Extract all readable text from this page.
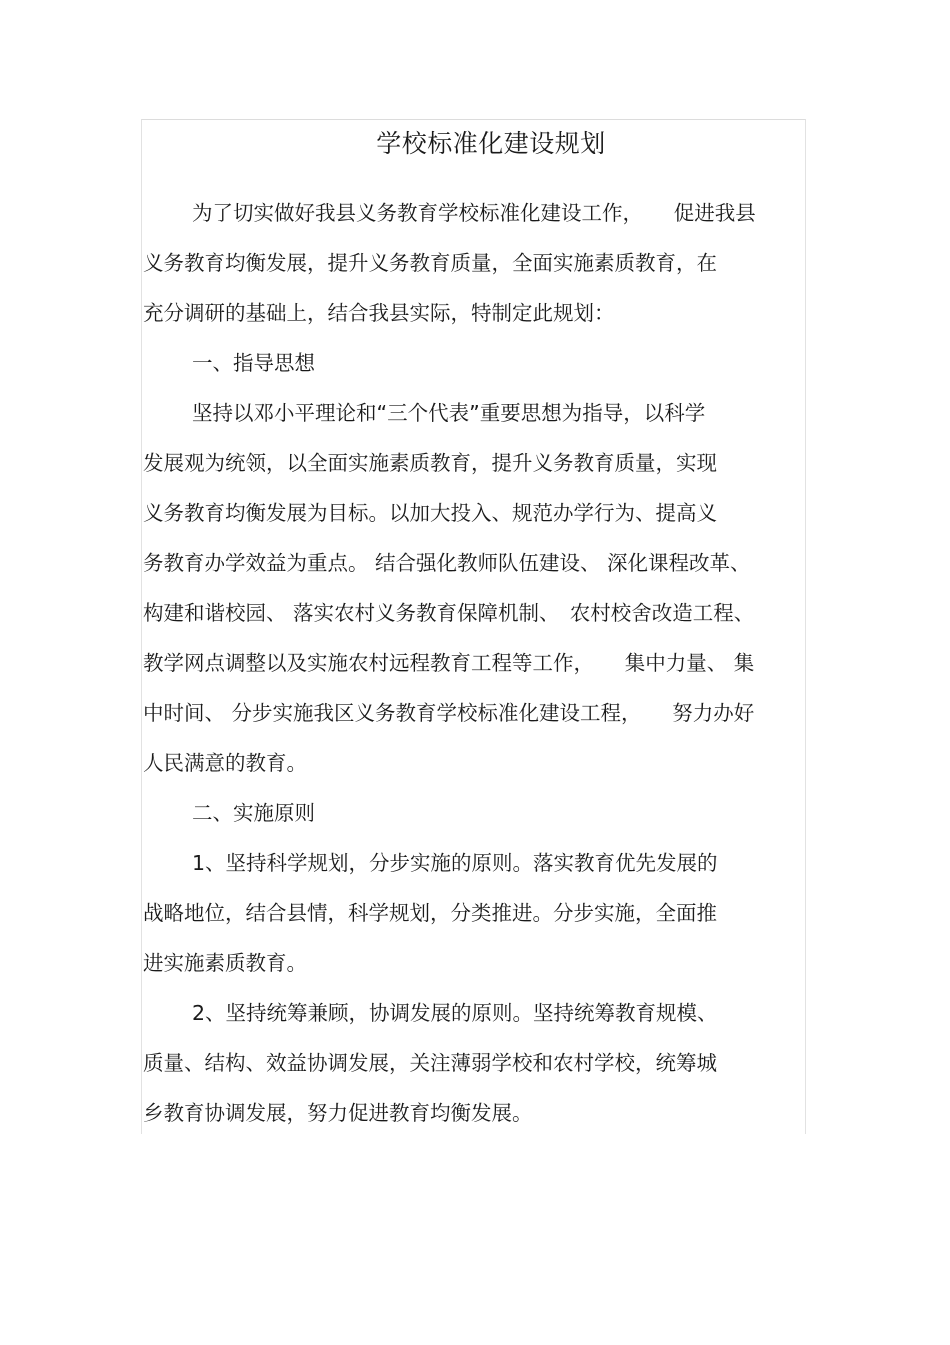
学校标准化建设规划
为了切实做好我县义务教育学校标准化建设工作，　　促进我县
义务教育均衡发展，提升义务教育质量，全面实施素质教育，在
充分调研的基础上，结合我县实际，特制定此规划：
一、指导思想
坚持以邓小平理论和“三个代表”重要思想为指导，以科学
发展观为统领，以全面实施素质教育，提升义务教育质量，实现
义务教育均衡发展为目标。以加大投入、规范办学行为、提高义
务教育办学效益为重点。 结合强化教师队伍建设、 深化课程改革、
构建和谐校园、 落实农村义务教育保障机制、　农村校舍改造工程、
教学网点调整以及实施农村远程教育工程等工作，　　集中力量、 集
中时间、 分步实施我区义务教育学校标准化建设工程，　　努力办好
人民满意的教育。
二、实施原则
1、坚持科学规划，分步实施的原则。落实教育优先发展的
战略地位，结合县情，科学规划，分类推进。分步实施，全面推
进实施素质教育。
2、坚持统筹兼顾，协调发展的原则。坚持统筹教育规模、
质量、结构、效益协调发展，关注薄弱学校和农村学校，统筹城
乡教育协调发展，努力促进教育均衡发展。
